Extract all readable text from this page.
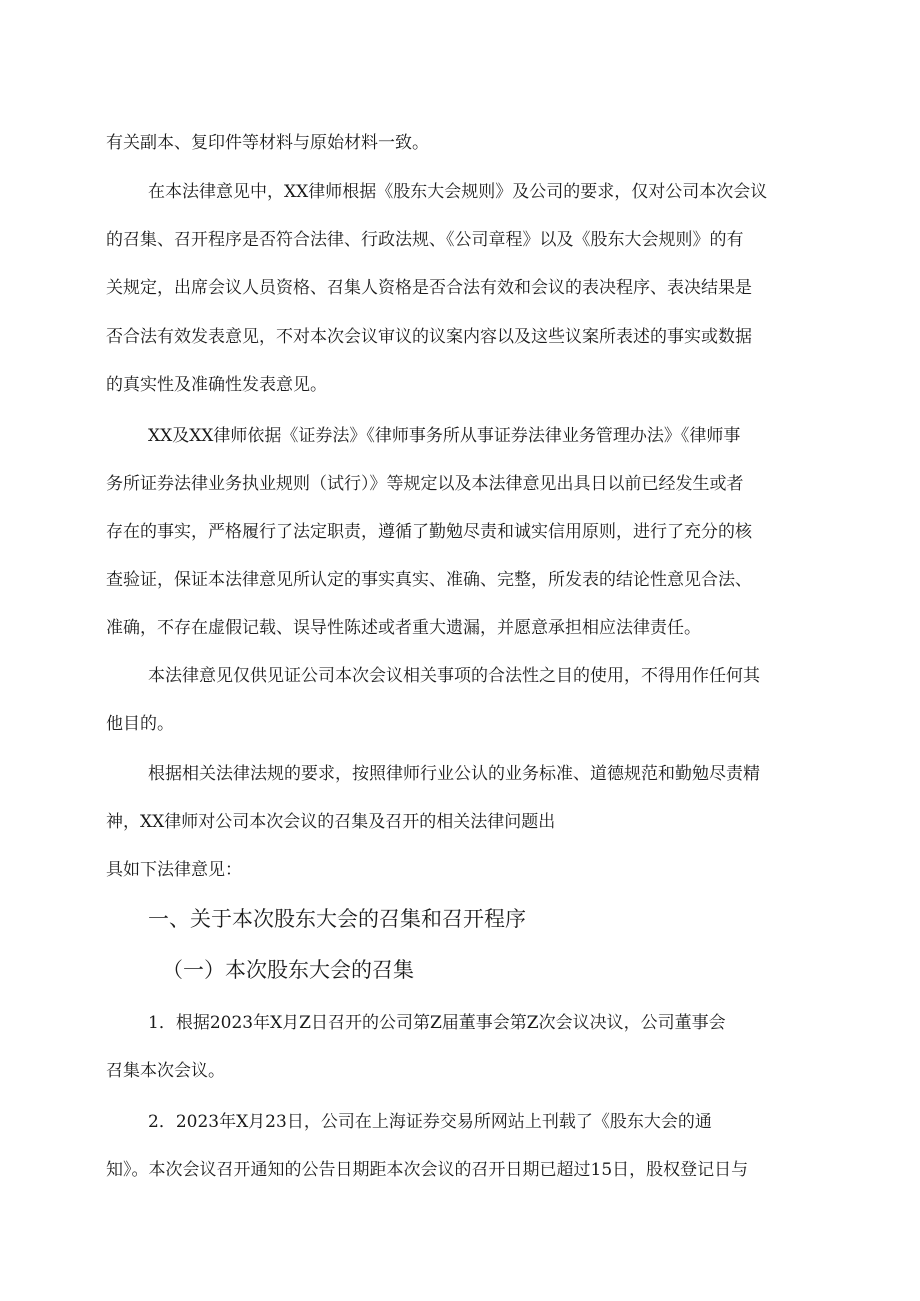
有关副本、复印件等材料与原始材料一致。
在本法律意见中，XX律师根据《股东大会规则》及公司的要求，仅对公司本次会议
的召集、召开程序是否符合法律、行政法规、《公司章程》以及《股东大会规则》的有
关规定，出席会议人员资格、召集人资格是否合法有效和会议的表决程序、表决结果是
否合法有效发表意见，不对本次会议审议的议案内容以及这些议案所表述的事实或数据
的真实性及准确性发表意见。
XX及XX律师依据《证券法》《律师事务所从事证券法律业务管理办法》《律师事
务所证券法律业务执业规则（试行）》等规定以及本法律意见出具日以前已经发生或者
存在的事实，严格履行了法定职责，遵循了勤勉尽责和诚实信用原则，进行了充分的核
查验证，保证本法律意见所认定的事实真实、准确、完整，所发表的结论性意见合法、
准确，不存在虚假记载、误导性陈述或者重大遗漏，并愿意承担相应法律责任。
本法律意见仅供见证公司本次会议相关事项的合法性之目的使用，不得用作任何其
他目的。
根据相关法律法规的要求，按照律师行业公认的业务标准、道德规范和勤勉尽责精
神，XX律师对公司本次会议的召集及召开的相关法律问题出
具如下法律意见：
一、关于本次股东大会的召集和召开程序
（一）本次股东大会的召集
1．根据2023年X月Z日召开的公司第Z届董事会第Z次会议决议，公司董事会
召集本次会议。
2．2023年X月23日，公司在上海证券交易所网站上刊载了《股东大会的通
知》。本次会议召开通知的公告日期距本次会议的召开日期已超过15日，股权登记日与
